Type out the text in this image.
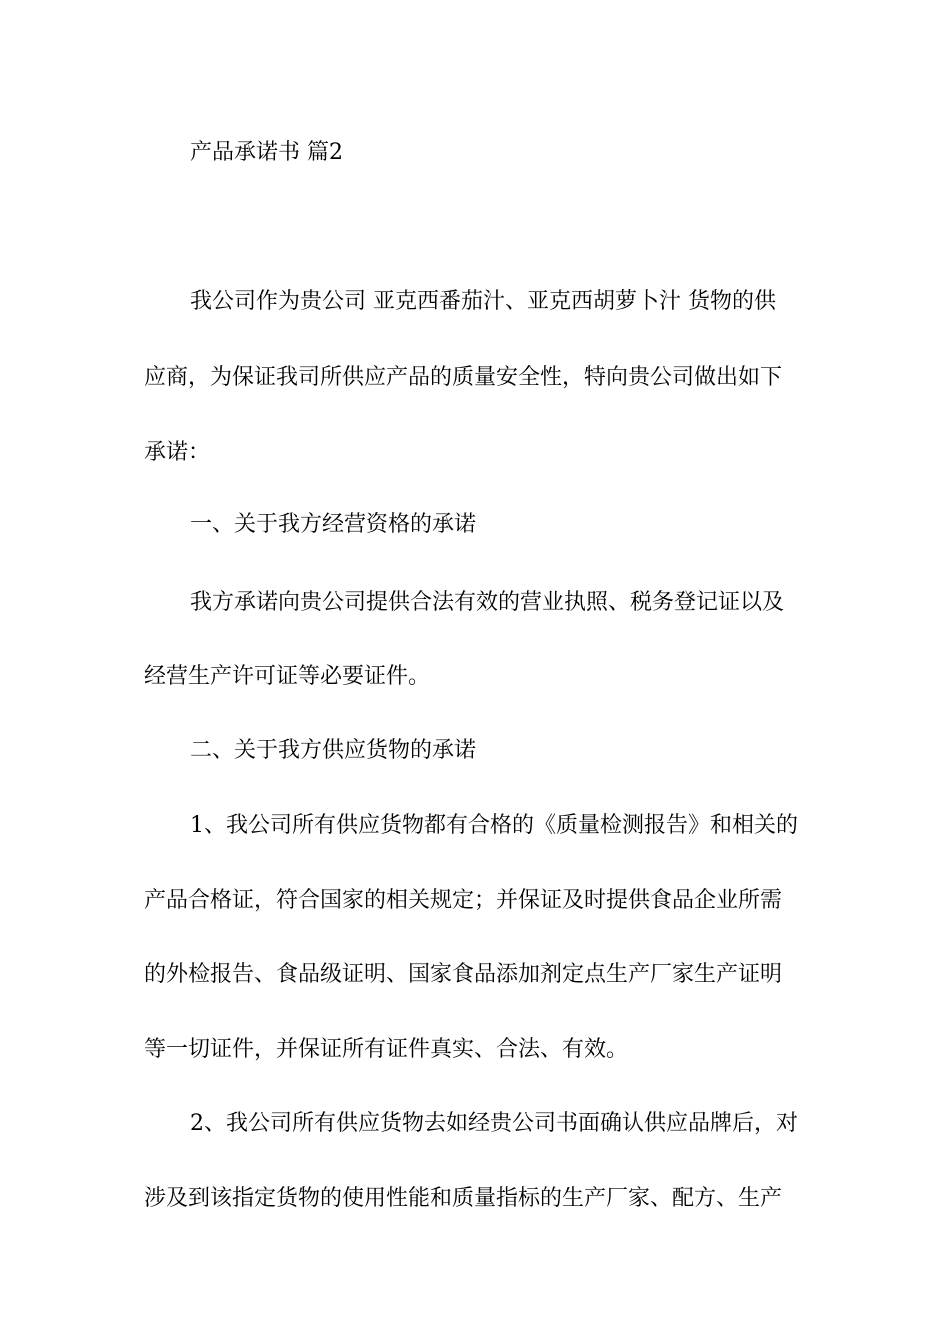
产品承诺书 篇2
我公司作为贵公司 亚克西番茄汁、亚克西胡萝卜汁 货物的供
应商，为保证我司所供应产品的质量安全性，特向贵公司做出如下
承诺：
一、关于我方经营资格的承诺
我方承诺向贵公司提供合法有效的营业执照、税务登记证以及
经营生产许可证等必要证件。
二、关于我方供应货物的承诺
1、我公司所有供应货物都有合格的《质量检测报告》和相关的
产品合格证，符合国家的相关规定；并保证及时提供食品企业所需
的外检报告、食品级证明、国家食品添加剂定点生产厂家生产证明
等一切证件，并保证所有证件真实、合法、有效。
2、我公司所有供应货物去如经贵公司书面确认供应品牌后，对
涉及到该指定货物的使用性能和质量指标的生产厂家、配方、生产
